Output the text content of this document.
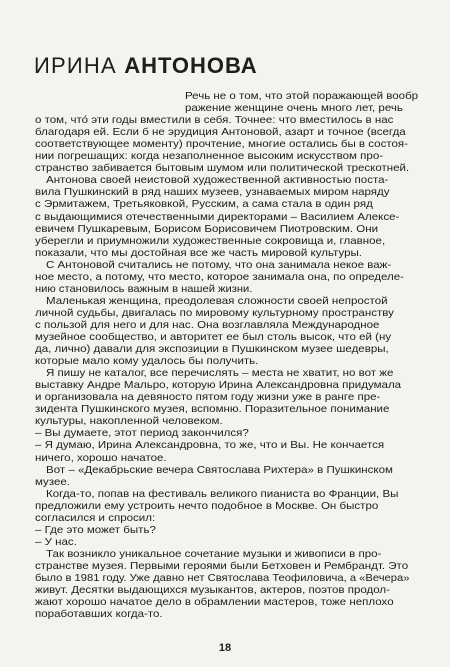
ИРИНА АНТОНОВА
Речь не о том, что этой поражающей вообр
ражение женщине очень много лет, речь
о том, что́ эти годы вместили в себя. Точнее: что вместилось в нас
благодаря ей. Если б не эрудиция Антоновой, азарт и точное (всегда
соответствующее моменту) прочтение, многие остались бы в состоя-
нии погрешащих: когда незаполненное высоким искусством про-
странство забивается бытовым шумом или политической трескотней.
Антонова своей неистовой художественной активностью поста-
вила Пушкинский в ряд наших музеев, узнаваемых миром наряду
с Эрмитажем, Третьяковкой, Русским, а сама стала в один ряд
с выдающимися отечественными директорами – Василием Алексе-
евичем Пушкаревым, Борисом Борисовичем Пиотровским. Они
уберегли и приумножили художественные сокровища и, главное,
показали, что мы достойная все же часть мировой культуры.
С Антоновой считались не потому, что она занимала некое важ-
ное место, а потому, что место, которое занимала она, по определе-
нию становилось важным в нашей жизни.
Маленькая женщина, преодолевая сложности своей непростой
личной судьбы, двигалась по мировому культурному пространству
с пользой для него и для нас. Она возглавляла Международное
музейное сообщество, и авторитет ее был столь высок, что ей (ну
да, лично) давали для экспозиции в Пушкинском музее шедевры,
которые мало кому удалось бы получить.
Я пишу не каталог, все перечислять – места не хватит, но вот же
выставку Андре Мальро, которую Ирина Александровна придумала
и организовала на девяносто пятом году жизни уже в ранге пре-
зидента Пушкинского музея, вспомню. Поразительное понимание
культуры, накопленной человеком.
– Вы думаете, этот период закончился?
– Я думаю, Ирина Александровна, то же, что и Вы. Не кончается
ничего, хорошо начатое.
Вот – «Декабрьские вечера Святослава Рихтера» в Пушкинском
музее.
Когда-то, попав на фестиваль великого пианиста во Франции, Вы
предложили ему устроить нечто подобное в Москве. Он быстро
согласился и спросил:
– Где это может быть?
– У нас.
Так возникло уникальное сочетание музыки и живописи в про-
странстве музея. Первыми героями были Бетховен и Рембрандт. Это
было в 1981 году. Уже давно нет Святослава Теофиловича, а «Вечера»
живут. Десятки выдающихся музыкантов, актеров, поэтов продол-
жают хорошо начатое дело в обрамлении мастеров, тоже неплохо
поработавших когда-то.
18
